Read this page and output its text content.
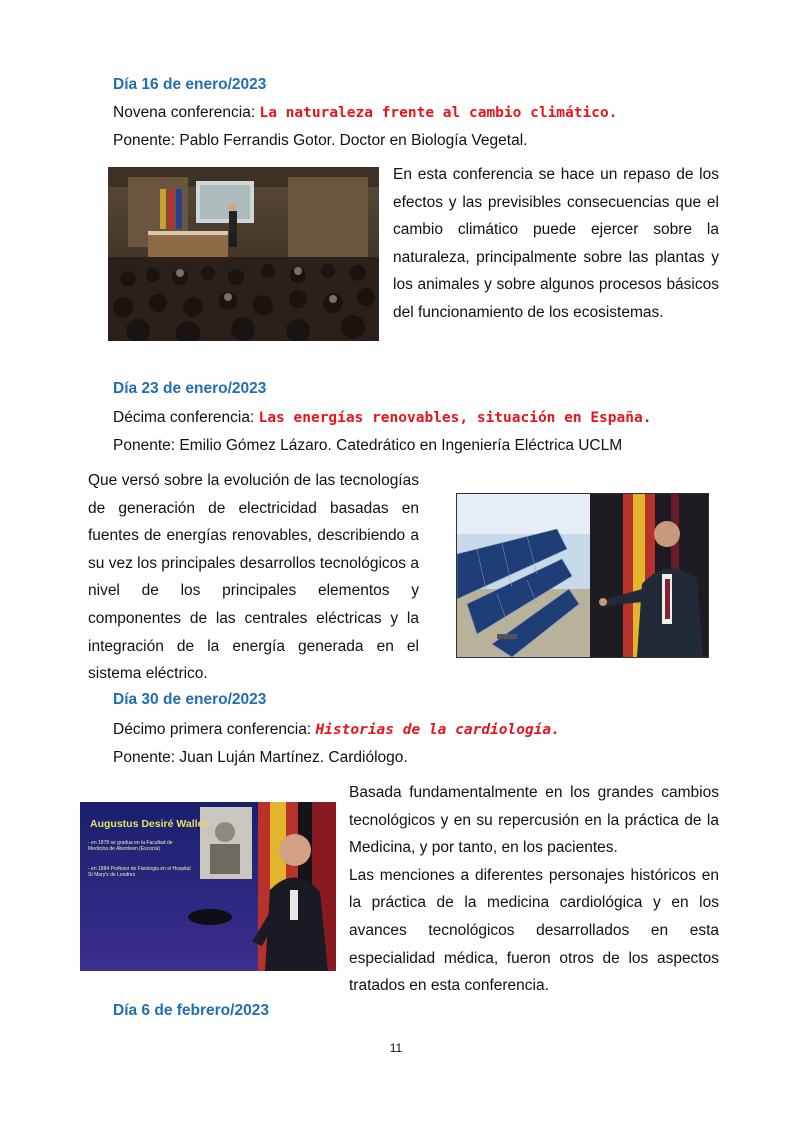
Día 16 de enero/2023
Novena conferencia: La naturaleza frente al cambio climático.
Ponente: Pablo Ferrandis Gotor. Doctor en Biología Vegetal.

En esta conferencia se hace un repaso de los efectos y las previsibles consecuencias que el cambio climático puede ejercer sobre la naturaleza, principalmente sobre las plantas y los animales y sobre algunos procesos básicos del funcionamiento de los ecosistemas.

Día 23 de enero/2023
Décima conferencia: Las energías renovables, situación en España.
Ponente: Emilio Gómez Lázaro. Catedrático en Ingeniería Eléctrica UCLM

Que versó sobre la evolución de las tecnologías de generación de electricidad basadas en fuentes de energías renovables, describiendo a su vez los principales desarrollos tecnológicos a nivel de los principales elementos y componentes de las centrales eléctricas y la integración de la energía generada en el sistema eléctrico.

Día 30 de enero/2023
Décimo primera conferencia: Historias de la cardiología.
Ponente: Juan Luján Martínez. Cardiólogo.
Augustus Desiré Waller
- en 1878 se gradua en la Facultad de Medicina de Aberdeen (Escocia)
- en 1884 Profesor de Fisiologia en el Hospital St Mary's de Londres

Basada fundamentalmente en los grandes cambios tecnológicos y en su repercusión en la práctica de la Medicina, y por tanto, en los pacientes.

Las menciones a diferentes personajes históricos en la práctica de la medicina cardiológica y en los avances tecnológicos desarrollados en esta especialidad médica, fueron otros de los aspectos tratados en esta conferencia.

Día 6 de febrero/2023
11
